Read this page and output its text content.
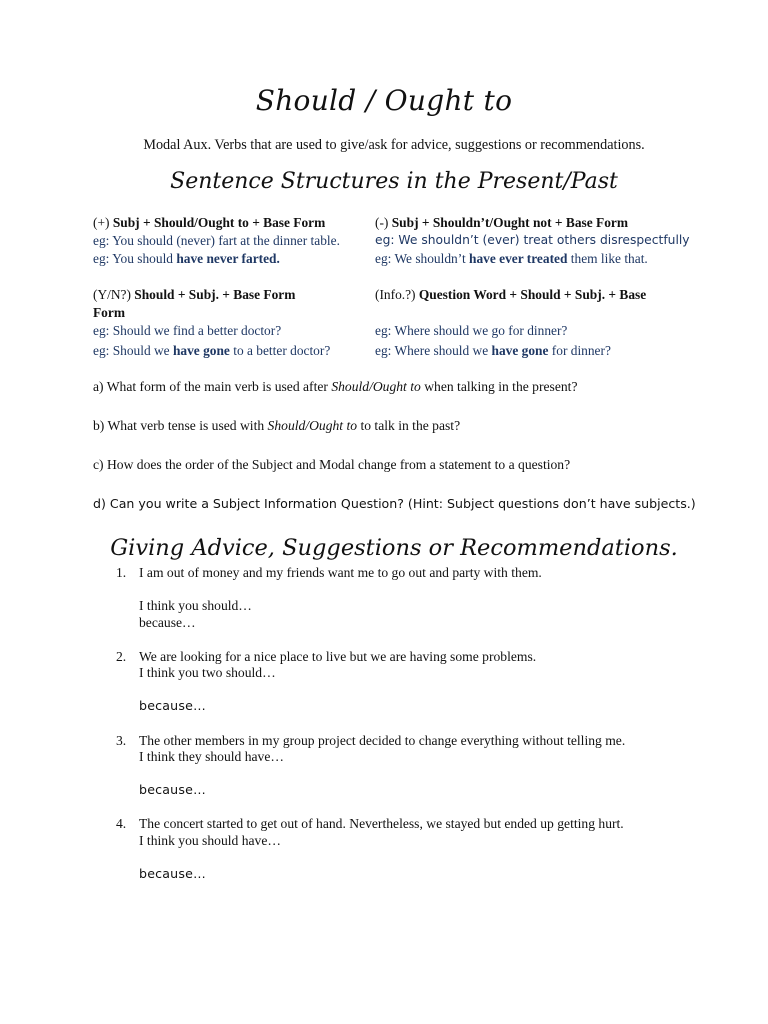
Should / Ought to
Modal Aux. Verbs that are used to give/ask for advice, suggestions or recommendations.
Sentence Structures in the Present/Past
(+) Subj + Should/Ought to + Base Form
eg: You should (never) fart at the dinner table.
eg: You should have never farted.
(-) Subj + Shouldn’t/Ought not + Base Form
eg: We shouldn’t (ever) treat others disrespectfully
eg: We shouldn’t have ever treated them like that.
(Y/N?) Should + Subj. + Base Form
Form
eg: Should we find a better doctor?
eg: Should we have gone to a better doctor?
(Info.?) Question Word + Should + Subj. + Base
eg: Where should we go for dinner?
eg: Where should we have gone for dinner?
a) What form of the main verb is used after Should/Ought to when talking in the present?
b) What verb tense is used with Should/Ought to to talk in the past?
c) How does the order of the Subject and Modal change from a statement to a question?
d) Can you write a Subject Information Question? (Hint: Subject questions don’t have subjects.)
Giving Advice, Suggestions or Recommendations.
1. I am out of money and my friends want me to go out and party with them.
I think you should…
because…
2. We are looking for a nice place to live but we are having some problems.
I think you two should…
because…
3. The other members in my group project decided to change everything without telling me.
I think they should have…
because…
4. The concert started to get out of hand. Nevertheless, we stayed but ended up getting hurt.
I think you should have…
because…
